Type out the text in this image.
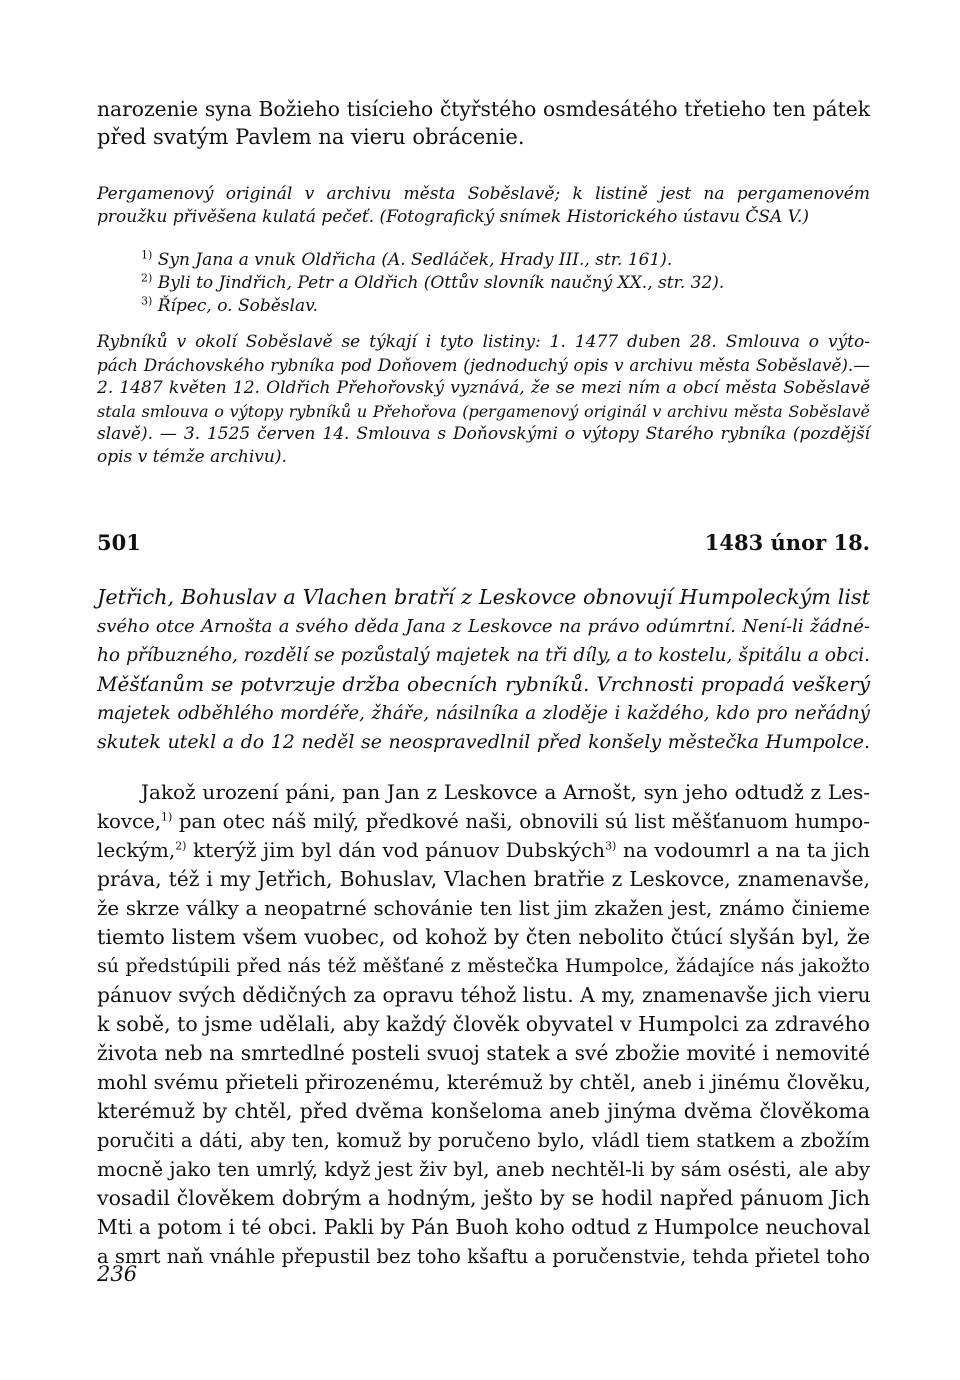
narozenie syna Božieho tisícieho čtyřstého osmdesátého třetieho ten pátek
před svatým Pavlem na vieru obrácenie.
Pergamenový originál v archivu města Soběslavě; k listině jest na pergamenovém
proužku přivěšena kulatá pečeť. (Fotografický snímek Historického ústavu ČSA V.)
$^{1)}$ Syn Jana a vnuk Oldřicha (A. Sedláček, Hrady III., str. 161).
$^{2)}$ Byli to Jindřich, Petr a Oldřich (Ottův slovník naučný XX., str. 32).
$^{3)}$ Řípec, o. Soběslav.
Rybníků v okolí Soběslavě se týkají i tyto listiny: 1. 1477 duben 28. Smlouva o výto-
pách Dráchovského rybníka pod Doňovem (jednoduchý opis v archivu města Soběslavě).—
2. 1487 květen 12. Oldřich Přehořovský vyznává, že se mezi ním a obcí města Soběslavě
stala smlouva o výtopy rybníků u Přehořova (pergamenový originál v archivu města Soběslavě
slavě). — 3. 1525 červen 14. Smlouva s Doňovskými o výtopy Starého rybníka (pozdější
opis v témže archivu).
501	1483 únor 18.
Jetřich, Bohuslav a Vlachen bratří z Leskovce obnovují Humpoleckým list
svého otce Arnošta a svého děda Jana z Leskovce na právo odúmrtní. Není-li žádné-
ho příbuzného, rozdělí se pozůstalý majetek na tři díly, a to kostelu, špitálu a obci.
Měšťanům se potvrzuje držba obecních rybníků. Vrchnosti propadá veškerý
majetek odběhlého mordéře, žháře, násilníka a zloděje i každého, kdo pro neřádný
skutek utekl a do 12 neděl se neospravedlnil před konšely městečka Humpolce.
Jakož urození páni, pan Jan z Leskovce a Arnošt, syn jeho odtudž z Les-
kovce,$^{1)}$ pan otec náš milý, předkové naši, obnovili sú list měšťanuom humpo-
leckým,$^{2)}$ kterýž jim byl dán vod pánuov Dubských$^{3)}$ na vodoumrl a na ta jich
práva, též i my Jetřich, Bohuslav, Vlachen bratřie z Leskovce, znamenavše,
že skrze války a neopatrné schovánie ten list jim zkažen jest, známo činieme
tiemto listem všem vuobec, od kohož by čten nebolito čtúcí slyšán byl, že
sú předstúpili před nás též měšťané z městečka Humpolce, žádajíce nás jakožto
pánuov svých dědičných za opravu téhož listu. A my, znamenavše jich vieru
k sobě, to jsme udělali, aby každý člověk obyvatel v Humpolci za zdravého
života neb na smrtedlné posteli svuoj statek a své zbožie movité i nemovité
mohl svému přieteli přirozenému, kterémuž by chtěl, aneb i jinému člověku,
kterémuž by chtěl, před dvěma konšeloma aneb jinýma dvěma člověkoma
poručiti a dáti, aby ten, komuž by poručeno bylo, vládl tiem statkem a zbožím
mocně jako ten umrlý, když jest živ byl, aneb nechtěl-li by sám osésti, ale aby
vosadil člověkem dobrým a hodným, ješto by se hodil napřed pánuom Jich
Mti a potom i té obci. Pakli by Pán Buoh koho odtud z Humpolce neuchoval
a smrt naň vnáhle přepustil bez toho kšaftu a poručenstvie, tehda přietel toho
236
